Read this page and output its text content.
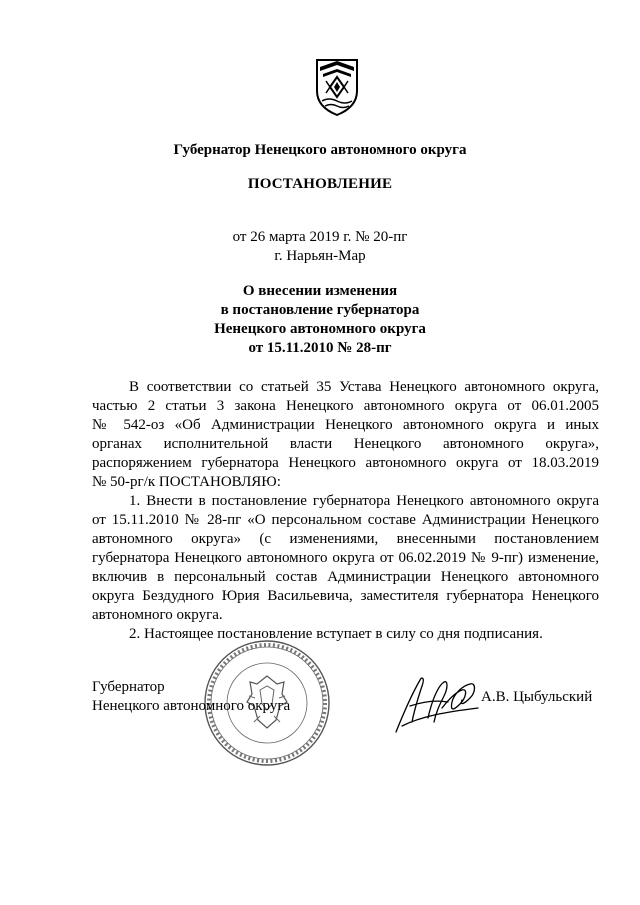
Губернатор Ненецкого автономного округа
ПОСТАНОВЛЕНИЕ
от 26 марта 2019 г. № 20-пг
г. Нарьян-Мар
О внесении изменения
в постановление губернатора
Ненецкого автономного округа
от 15.11.2010 № 28-пг
В соответствии со статьей 35 Устава Ненецкого автономного округа,
частью 2 статьи 3 закона Ненецкого автономного округа от 06.01.2005
№ 542-оз «Об Администрации Ненецкого автономного округа и иных
органах исполнительной власти Ненецкого автономного округа»,
распоряжением губернатора Ненецкого автономного округа от 18.03.2019
№ 50-рг/к ПОСТАНОВЛЯЮ:
1. Внести в постановление губернатора Ненецкого автономного округа
от 15.11.2010 № 28-пг «О персональном составе Администрации Ненецкого
автономного округа» (с изменениями, внесенными постановлением
губернатора Ненецкого автономного округа от 06.02.2019 № 9-пг) изменение,
включив в персональный состав Администрации Ненецкого автономного
округа Бездудного Юрия Васильевича, заместителя губернатора Ненецкого
автономного округа.
2. Настоящее постановление вступает в силу со дня подписания.
Губернатор
Ненецкого автономного округа
А.В. Цыбульский
